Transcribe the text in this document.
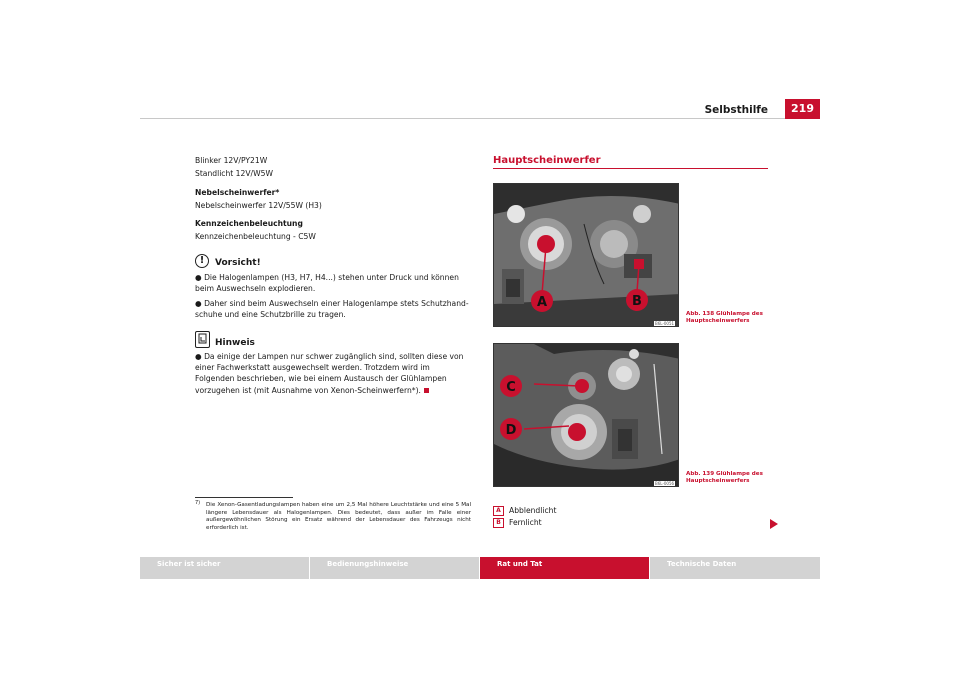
Selbsthilfe	219
Blinker 12V/PY21W
Standlicht 12V/W5W
Nebelscheinwerfer*
Nebelscheinwerfer 12V/55W (H3)
Kennzeichenbeleuchtung
Kennzeichenbeleuchtung - C5W
!	Vorsicht!
● Die Halogenlampen (H3, H7, H4...) stehen unter Druck und können beim Auswechseln explodieren.
● Daher sind beim Auswechseln einer Halogenlampe stets Schutzhand-schuhe und eine Schutzbrille zu tragen.
Hinweis
● Da einige der Lampen nur schwer zugänglich sind, sollten diese von einer Fachwerkstatt ausgewechselt werden. Trotzdem wird im Folgenden beschrieben, wie bei einem Austausch der Glühlampen vorzugehen ist (mit Ausnahme von Xenon-Scheinwerfern*).
7) Die Xenon-Gasentladungslampen haben eine um 2,5 Mal höhere Leuchtstärke und eine 5 Mal längere Lebensdauer als Halogenlampen. Dies bedeutet, dass außer im Falle einer außergewöhnlichen Störung ein Ersatz während der Lebensdauer des Fahrzeugs nicht erforderlich ist.
Hauptscheinwerfer
A	B
B6L-0051
Abb. 138 Glühlampe des Hauptscheinwerfers
C
D
B6L-0056
Abb. 139 Glühlampe des Hauptscheinwerfers
A Abblendlicht
B Fernlicht
Sicher ist sicher	Bedienungshinweise	Rat und Tat	Technische Daten
